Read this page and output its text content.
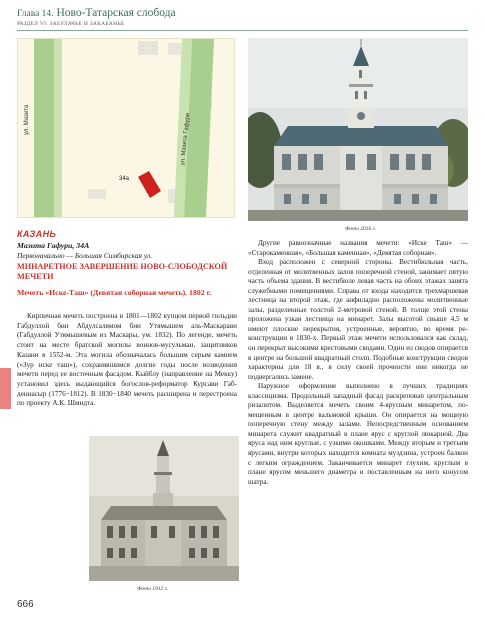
Глава 14. Ново-Татарская слобода
РАЗДЕЛ VI. ЗАБУЛАЧЬЕ И ЗАКАБАНЬЕ
ул. Мазита	ул. Мазита Гафури
34а
Фото 2016 г.
КАЗАНЬ
Мазита Гафури, 34А
Первоначально — Большая Симбирская ул.
МИНАРЕТНОЕ ЗАВЕРШЕНИЕ НОВО-СЛОБОДСКОЙ МЕЧЕТИ
Мечеть «Иске-Таш» (Девятая соборная мечеть). 1802 г.

Кирпичная мечеть построена в 1801—1802 купцом первой гильдии Габдуллой бин Абдулсалямом бин Утямышем аль-Маскарави (Габдуллой Утямышевым из Маскары, ум. 1832). По легенде, мечеть стоит на месте братской могилы воинов-мусульман, защитников Казани в 1552-м. Эта могила обозначалась большим серым камнем («Зур иске таш»), сохранявшимся долгие годы после возведения мечети перед ее восточным фасадом. Кыйблу (направление на Мекку) установил здесь выдающийся богослов-реформатор Курсави Габденнасыр (1776−1812). В 1830−1840 мечеть расширена и перестроена по проекту А.К. Шмидта.

Фото 1912 г.

Другие равнозначные названия мечети: «Иске Таш» — «Старокаменная», «Большая каменная», «Девятая соборная».

Вход расположен с северной стороны. Вестибюльная часть, отделенная от молитвенных залов поперечной стеной, занимает пятую часть объема здания. В вестибюле левая часть на обоих этажах занята служебными помещениями. Справа от входа находится трехмаршевая лестница на второй этаж, где анфиладно расположены молитвенные залы, разделенные толстой 2-метровой стеной. В толще этой стены проложена узкая лестница на минарет. Залы высотой свыше 4,5 м имеют плоские перекрытия, устроенные, вероятно, во время реконструкции в 1830-х. Первый этаж мечети использовался как склад, он перекрыт высокими крестовыми сводами. Один из сводов опирается в центре на большой квадратный столп. Подобные конструкции сводов характерны для 18 в., в силу своей прочности они никогда не подвергались замене.

Наружное оформление выполнено в лучших традициях классицизма. Продольный западный фасад раскреповan центральным ризалитом. Выделяется мечеть своим 4-ярусным минаретом, помещенным в центре вальмовой крыши. Он опирается на мощную поперечную стену между залами. Непосредственным основанием минарета служит квадратный в плане ярус с круглой люкарной. Два яруса над ним круглые, с узкими окошками. Между вторым и третьим ярусами, внутри которых находится комната муэдзина, устроен балкон с легким ограждением. Заканчивается минарет глухим, круглым в плане ярусом меньшего диаметра и поставленным на него конусом шатра.

666
